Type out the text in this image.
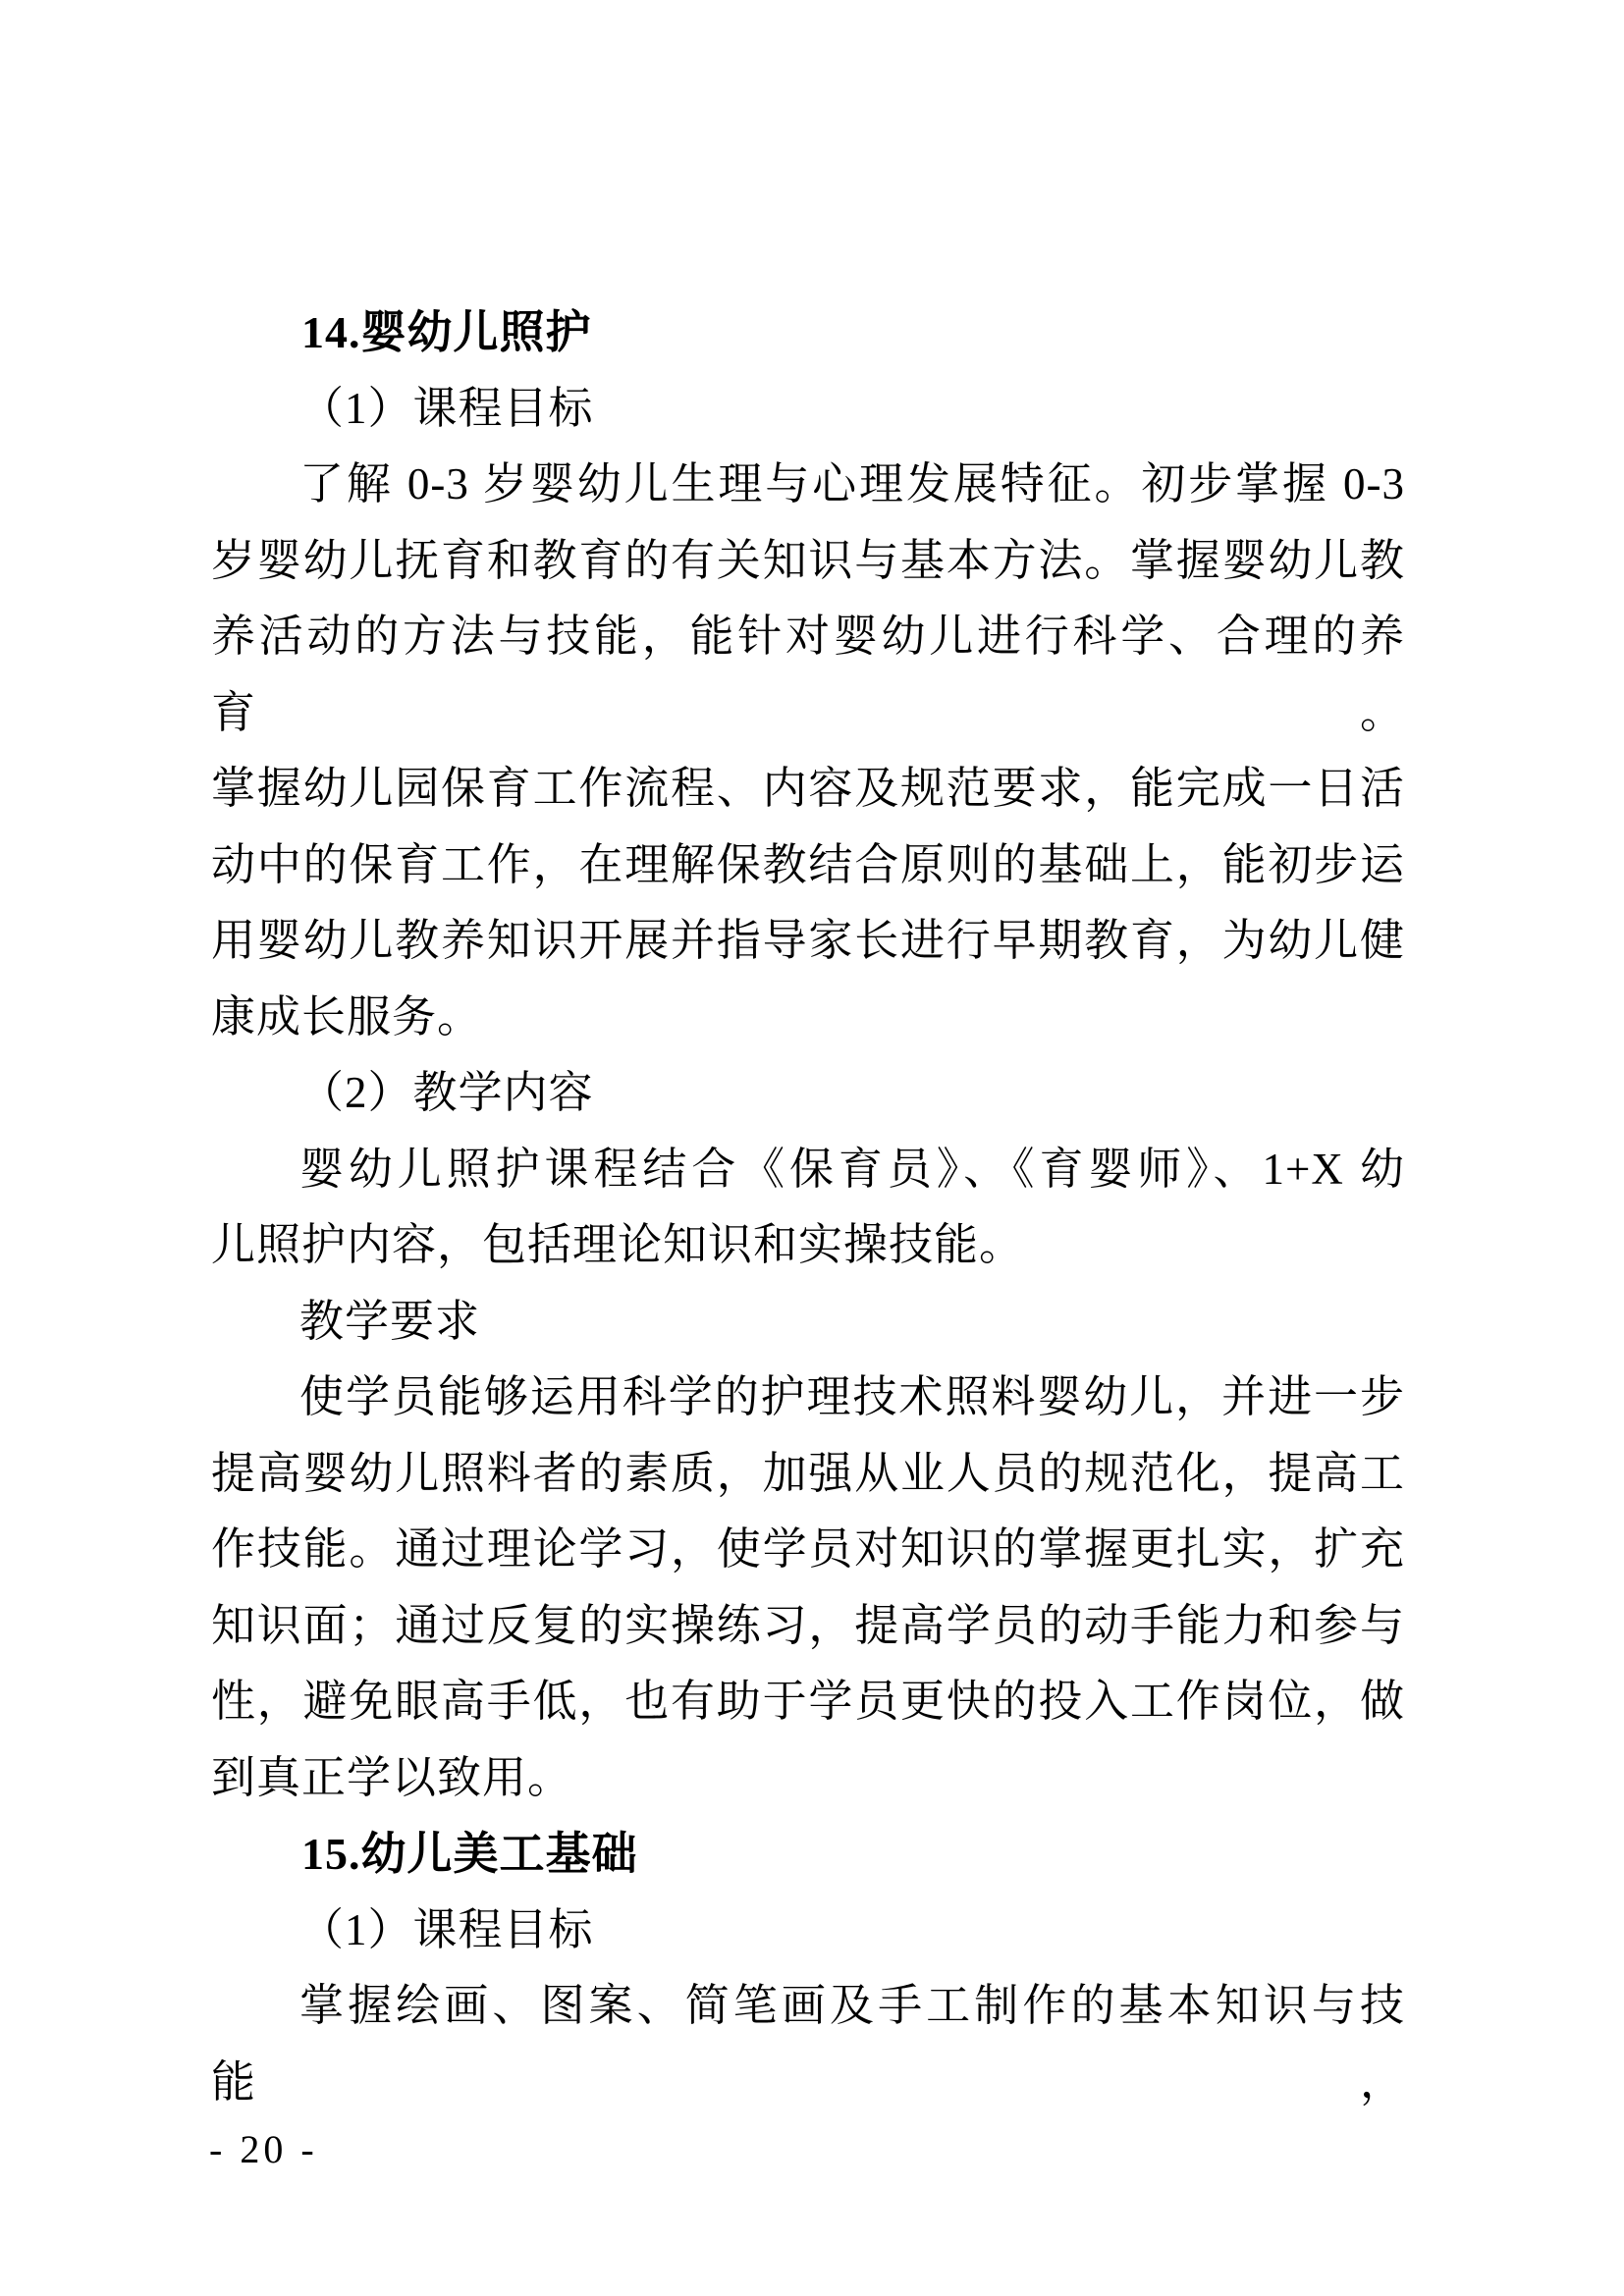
14.婴幼儿照护
（1）课程目标
了解 0-3 岁婴幼儿生理与心理发展特征。初步掌握 0-3
岁婴幼儿抚育和教育的有关知识与基本方法。掌握婴幼儿教
养活动的方法与技能，能针对婴幼儿进行科学、合理的养育。
掌握幼儿园保育工作流程、内容及规范要求，能完成一日活
动中的保育工作，在理解保教结合原则的基础上，能初步运
用婴幼儿教养知识开展并指导家长进行早期教育，为幼儿健
康成长服务。
（2）教学内容
婴幼儿照护课程结合《保育员》、《育婴师》、1+X 幼
儿照护内容，包括理论知识和实操技能。
教学要求
使学员能够运用科学的护理技术照料婴幼儿，并进一步
提高婴幼儿照料者的素质，加强从业人员的规范化，提高工
作技能。通过理论学习，使学员对知识的掌握更扎实，扩充
知识面；通过反复的实操练习，提高学员的动手能力和参与
性，避免眼高手低，也有助于学员更快的投入工作岗位，做
到真正学以致用。
15.幼儿美工基础
（1）课程目标
掌握绘画、图案、简笔画及手工制作的基本知识与技能，
- 20 -
